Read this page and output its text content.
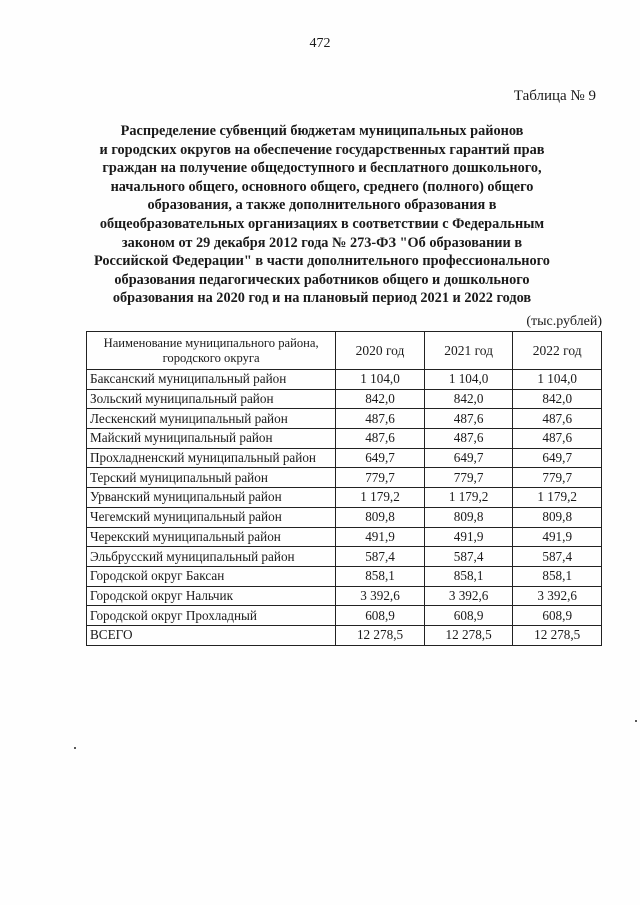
472
Таблица № 9
Распределение субвенций бюджетам муниципальных районов
и городских округов на обеспечение государственных гарантий прав
граждан на получение общедоступного и бесплатного дошкольного,
начального общего, основного общего, среднего (полного) общего
образования, а также дополнительного образования в
общеобразовательных организациях в соответствии с Федеральным
законом от 29 декабря 2012 года № 273-ФЗ "Об образовании в
Российской Федерации" в части дополнительного профессионального
образования педагогических работников общего и дошкольного
образования на 2020 год и на плановый период 2021 и 2022 годов
(тыс.рублей)
Наименование муниципального района, городского округа	2020 год	2021 год	2022 год
Баксанский муниципальный район	1 104,0	1 104,0	1 104,0
Зольский муниципальный район	842,0	842,0	842,0
Лескенский муниципальный район	487,6	487,6	487,6
Майский муниципальный район	487,6	487,6	487,6
Прохладненский муниципальный район	649,7	649,7	649,7
Терский муниципальный район	779,7	779,7	779,7
Урванский муниципальный район	1 179,2	1 179,2	1 179,2
Чегемский муниципальный район	809,8	809,8	809,8
Черекский муниципальный район	491,9	491,9	491,9
Эльбрусский муниципальный район	587,4	587,4	587,4
Городской округ Баксан	858,1	858,1	858,1
Городской округ Нальчик	3 392,6	3 392,6	3 392,6
Городской округ Прохладный	608,9	608,9	608,9
ВСЕГО	12 278,5	12 278,5	12 278,5
